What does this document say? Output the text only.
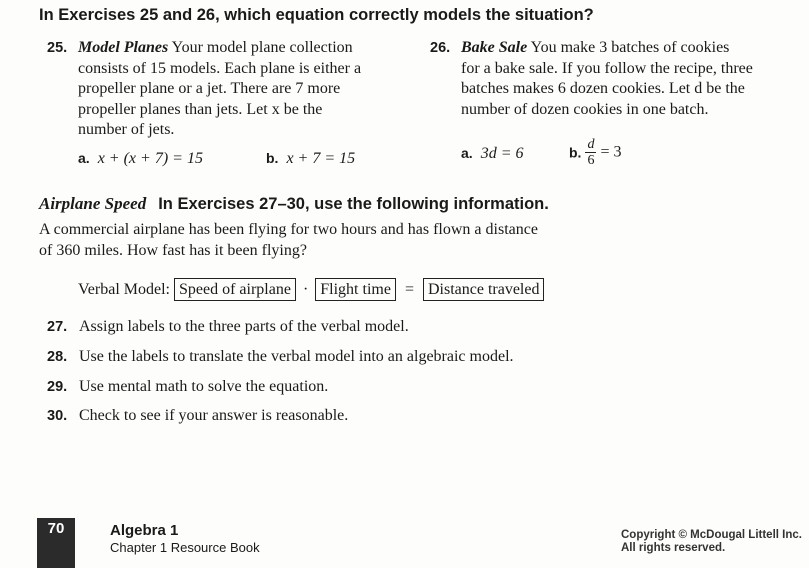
In Exercises 25 and 26, which equation correctly models the situation?
25. Model Planes Your model plane collection
consists of 15 models. Each plane is either a
propeller plane or a jet. There are 7 more
propeller planes than jets. Let x be the
number of jets.
a. x + (x + 7) = 15	b. x + 7 = 15
26. Bake Sale You make 3 batches of cookies
for a bake sale. If you follow the recipe, three
batches makes 6 dozen cookies. Let d be the
number of dozen cookies in one batch.
a. 3d = 6	b. $\frac{d}{6} = 3$
Airplane Speed In Exercises 27–30, use the following information.
A commercial airplane has been flying for two hours and has flown a distance
of 360 miles. How fast has it been flying?
Verbal Model: Speed of airplane · Flight time = Distance traveled
27. Assign labels to the three parts of the verbal model.
28. Use the labels to translate the verbal model into an algebraic model.
29. Use mental math to solve the equation.
30. Check to see if your answer is reasonable.
70	Algebra 1
Chapter 1 Resource Book
Copyright © McDougal Littell Inc.
All rights reserved.
